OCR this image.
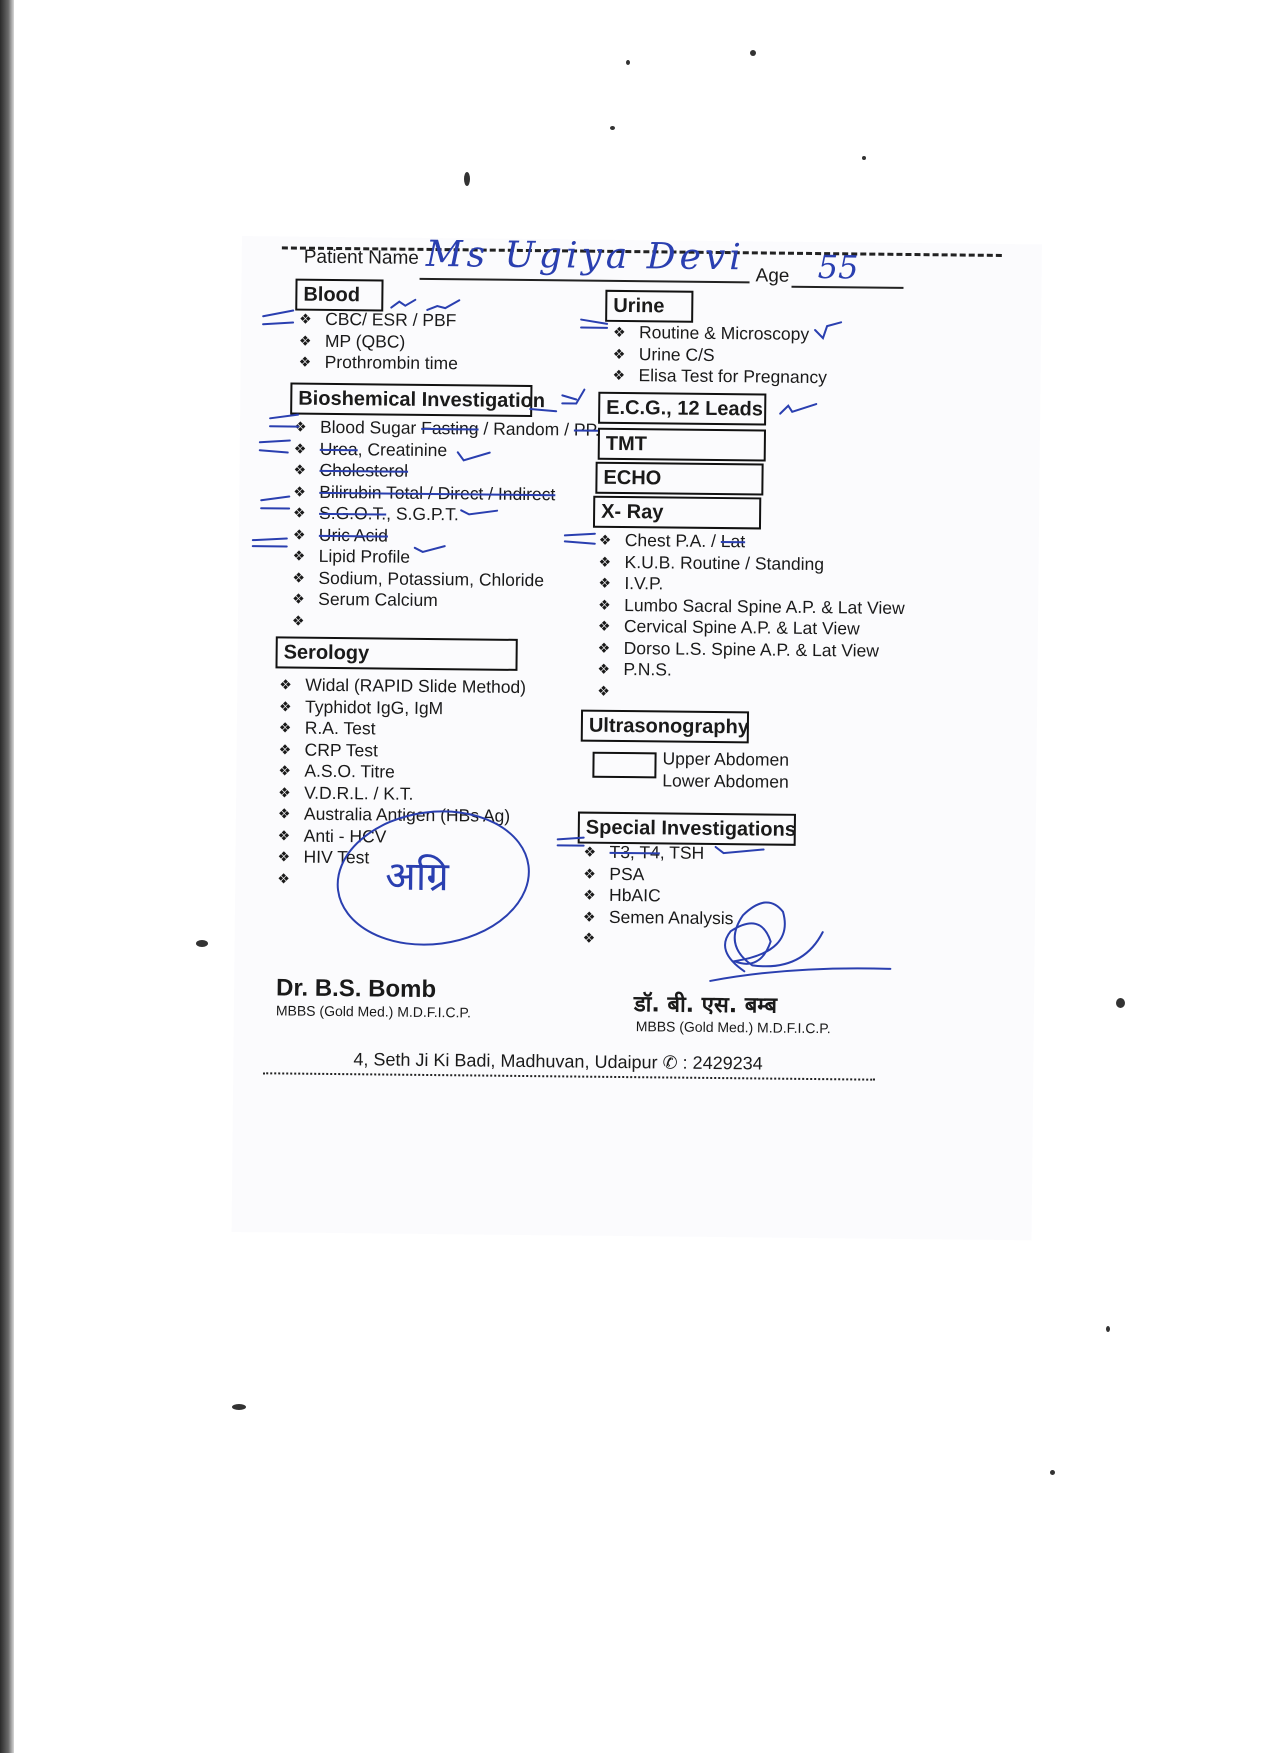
Patient Name Ms Ugiya Devi Age 55
Blood
❖ CBC/ ESR / PBF
❖ MP (QBC)
❖ Prothrombin time
Bioshemical Investigation
❖ Blood Sugar Fasting / Random / PP.
❖ Urea, Creatinine
❖ Cholesterol
❖ Bilirubin Total / Direct / Indirect
❖ S.G.O.T., S.G.P.T.
❖ Uric Acid
❖ Lipid Profile
❖ Sodium, Potassium, Chloride
❖ Serum Calcium
❖
Serology
❖ Widal (RAPID Slide Method)
❖ Typhidot IgG, IgM
❖ R.A. Test
❖ CRP Test
❖ A.S.O. Titre
❖ V.D.R.L. / K.T.
❖ Australia Antigen (HBs Ag)
❖ Anti - HCV
❖ HIV Test
❖
Urine
❖ Routine & Microscopy
❖ Urine C/S
❖ Elisa Test for Pregnancy
E.C.G., 12 Leads
TMT
ECHO
X- Ray
❖ Chest P.A. / Lat
❖ K.U.B. Routine / Standing
❖ I.V.P.
❖ Lumbo Sacral Spine A.P. & Lat View
❖ Cervical Spine A.P. & Lat View
❖ Dorso L.S. Spine A.P. & Lat View
❖ P.N.S.
❖
Ultrasonography
Upper Abdomen
Lower Abdomen
Special Investigations
❖ T3, T4, TSH
❖ PSA
❖ HbAIC
❖ Semen Analysis
❖
Dr. B.S. Bomb
MBBS (Gold Med.) M.D.F.I.C.P.	डॉ. बी. एस. बम्ब
MBBS (Gold Med.) M.D.F.I.C.P.
4, Seth Ji Ki Badi, Madhuvan, Udaipur ✆ : 2429234
अग्रि
